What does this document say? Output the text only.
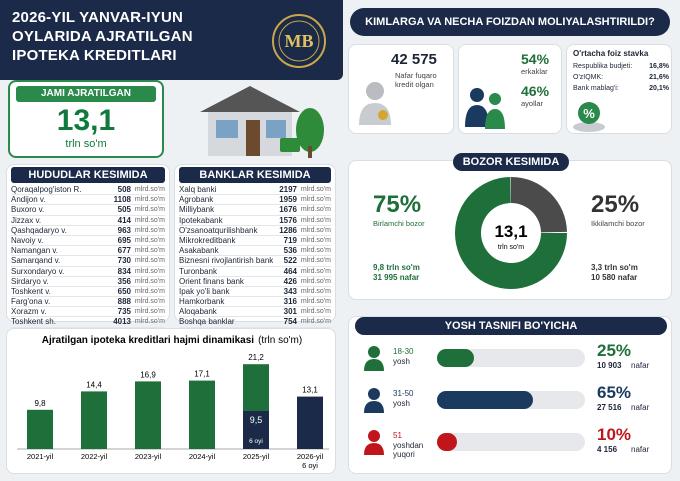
2026-YIL YANVAR-IYUN OYLARIDA AJRATILGAN IPOTEKA KREDITLARI
MB
JAMI AJRATILGAN
13,1
trln so'm
HUDUDLAR KESIMIDA
Qoraqalpog'iston R.	508 mlrd.so'm
Andijon v.	1108 mlrd.so'm
Buxoro v.	505 mlrd.so'm
Jizzax v.	414 mlrd.so'm
Qashqadaryo v.	963 mlrd.so'm
Navoiy v.	695 mlrd.so'm
Namangan v.	677 mlrd.so'm
Samarqand v.	730 mlrd.so'm
Surxondaryo v.	834 mlrd.so'm
Sirdaryo v.	356 mlrd.so'm
Toshkent v.	650 mlrd.so'm
Farg'ona v.	888 mlrd.so'm
Xorazm v.	735 mlrd.so'm
Toshkent sh.	4013 mlrd.so'm
BANKLAR KESIMIDA
Xalq banki	2197 mlrd.so'm
Agrobank	1959 mlrd.so'm
Milliybank	1676 mlrd.so'm
Ipotekabank	1576 mlrd.so'm
O'zsanoatqurilishbank	1286 mlrd.so'm
Mikrokreditbank	719 mlrd.so'm
Asakabank	536 mlrd.so'm
Biznesni rivojlantirish bank	522 mlrd.so'm
Turonbank	464 mlrd.so'm
Orient finans bank	426 mlrd.so'm
Ipak yo'li bank	343 mlrd.so'm
Hamkorbank	316 mlrd.so'm
Aloqabank	301 mlrd.so'm
Boshqa banklar	754 mlrd.so'm
Ajratilgan ipoteka kreditlari hajmi dinamikasi (trln so'm)
9,8
2021-yil
14,4
2022-yil
16,9
2023-yil
17,1
2024-yil
21,2
2025-yil
9,5
6 oyi
13,1
2026-yil 6 oyi
KIMLARGA VA NECHA FOIZDAN MOLIYALASHTIRILDI?
42 575
Nafar fuqaro kredit olgan
54%
erkaklar
46%
ayollar
O'rtacha foiz stavka
Respublika budjeti:	16,8%
O'zIQMK:	21,6%
Bank mablag'i:	20,1%
%
BOZOR KESIMIDA
75%
Birlamchi bozor
9,8 trln so'm
31 995 nafar
13,1
trln so'm
25%
Ikkilamchi bozor
3,3 trln so'm
10 580 nafar
YOSH TASNIFI BO'YICHA
18-30
yosh
25%
10 903 nafar
31-50
yosh
65%
27 516 nafar
51
yoshdan yuqori
10%
4 156 nafar
